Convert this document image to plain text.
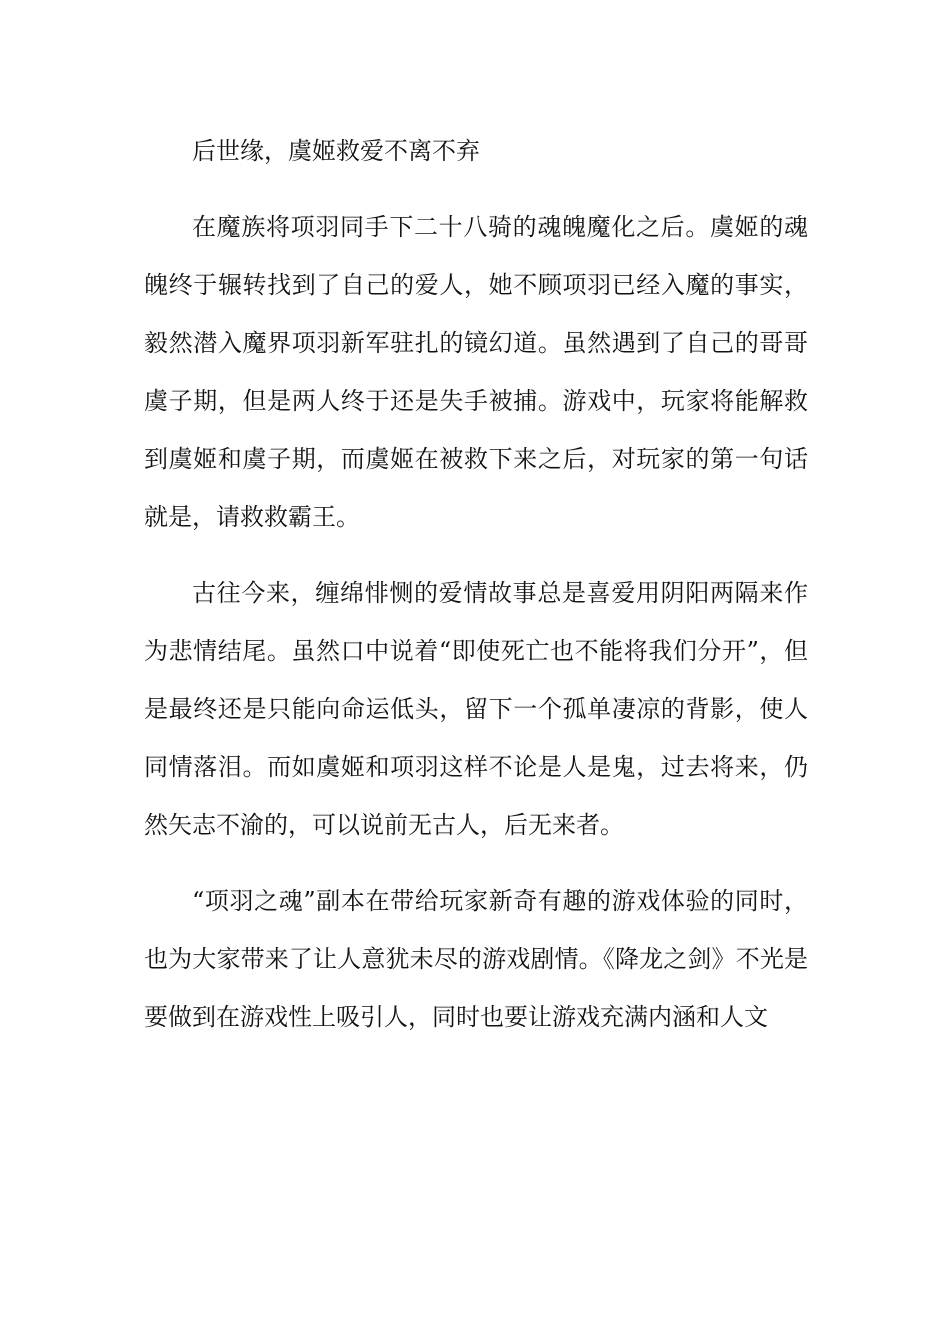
后世缘，虞姬救爱不离不弃

在魔族将项羽同手下二十八骑的魂魄魔化之后。虞姬的魂魄终于辗转找到了自己的爱人，她不顾项羽已经入魔的事实，毅然潜入魔界项羽新军驻扎的镜幻道。虽然遇到了自己的哥哥虞子期，但是两人终于还是失手被捕。游戏中，玩家将能解救到虞姬和虞子期，而虞姬在被救下来之后，对玩家的第一句话就是，请救救霸王。

古往今来，缠绵悱恻的爱情故事总是喜爱用阴阳两隔来作为悲情结尾。虽然口中说着“即使死亡也不能将我们分开”，但是最终还是只能向命运低头，留下一个孤单凄凉的背影，使人同情落泪。而如虞姬和项羽这样不论是人是鬼，过去将来，仍然矢志不渝的，可以说前无古人，后无来者。

“项羽之魂”副本在带给玩家新奇有趣的游戏体验的同时，也为大家带来了让人意犹未尽的游戏剧情。《降龙之剑》不光是要做到在游戏性上吸引人，同时也要让游戏充满内涵和人文
